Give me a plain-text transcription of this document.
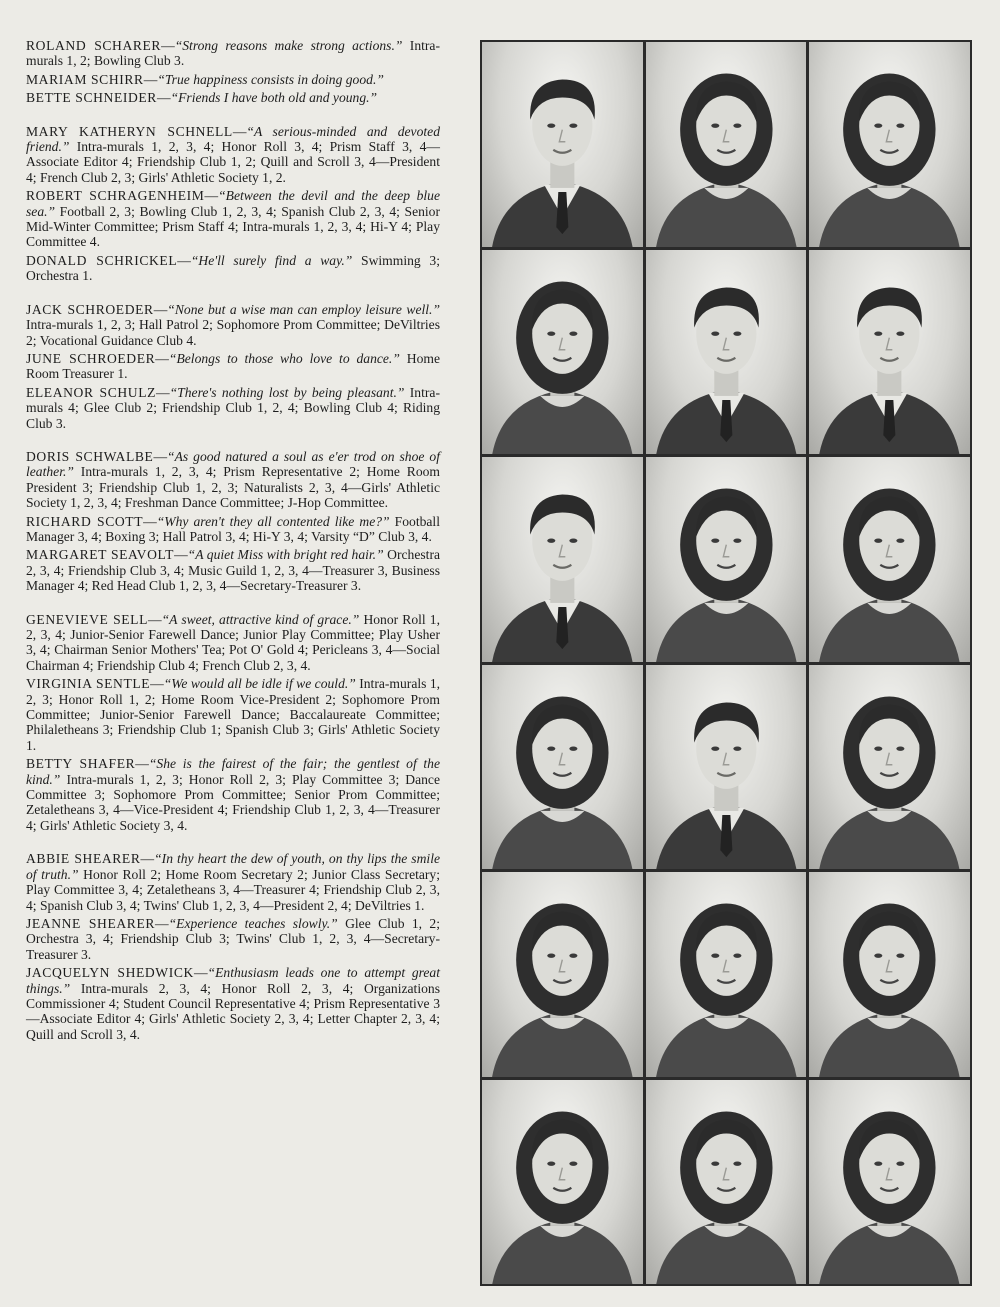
ROLAND SCHARER—“Strong reasons make strong actions.” Intra-murals 1, 2; Bowling Club 3.

MARIAM SCHIRR—“True happiness consists in doing good.”

BETTE SCHNEIDER—“Friends I have both old and young.”

MARY KATHERYN SCHNELL—“A serious-minded and devoted friend.” Intra-murals 1, 2, 3, 4; Honor Roll 3, 4; Prism Staff 3, 4—Associate Editor 4; Friendship Club 1, 2; Quill and Scroll 3, 4—President 4; French Club 2, 3; Girls' Athletic Society 1, 2.

ROBERT SCHRAGENHEIM—“Between the devil and the deep blue sea.” Football 2, 3; Bowling Club 1, 2, 3, 4; Spanish Club 2, 3, 4; Senior Mid-Winter Committee; Prism Staff 4; Intra-murals 1, 2, 3, 4; Hi-Y 4; Play Committee 4.

DONALD SCHRICKEL—“He'll surely find a way.” Swimming 3; Orchestra 1.

JACK SCHROEDER—“None but a wise man can employ leisure well.” Intra-murals 1, 2, 3; Hall Patrol 2; Sophomore Prom Committee; DeViltries 2; Vocational Guidance Club 4.

JUNE SCHROEDER—“Belongs to those who love to dance.” Home Room Treasurer 1.

ELEANOR SCHULZ—“There's nothing lost by being pleasant.” Intra-murals 4; Glee Club 2; Friendship Club 1, 2, 4; Bowling Club 4; Riding Club 3.

DORIS SCHWALBE—“As good natured a soul as e'er trod on shoe of leather.” Intra-murals 1, 2, 3, 4; Prism Representative 2; Home Room President 3; Friendship Club 1, 2, 3; Naturalists 2, 3, 4—Girls' Athletic Society 1, 2, 3, 4; Freshman Dance Committee; J-Hop Committee.

RICHARD SCOTT—“Why aren't they all contented like me?” Football Manager 3, 4; Boxing 3; Hall Patrol 3, 4; Hi-Y 3, 4; Varsity “D” Club 3, 4.

MARGARET SEAVOLT—“A quiet Miss with bright red hair.” Orchestra 2, 3, 4; Friendship Club 3, 4; Music Guild 1, 2, 3, 4—Treasurer 3, Business Manager 4; Red Head Club 1, 2, 3, 4—Secretary-Treasurer 3.

GENEVIEVE SELL—“A sweet, attractive kind of grace.” Honor Roll 1, 2, 3, 4; Junior-Senior Farewell Dance; Junior Play Committee; Play Usher 3, 4; Chairman Senior Mothers' Tea; Pot O' Gold 4; Pericleans 3, 4—Social Chairman 4; Friendship Club 4; French Club 2, 3, 4.

VIRGINIA SENTLE—“We would all be idle if we could.” Intra-murals 1, 2, 3; Honor Roll 1, 2; Home Room Vice-President 2; Sophomore Prom Committee; Junior-Senior Farewell Dance; Baccalaureate Committee; Philaletheans 3; Friendship Club 1; Spanish Club 3; Girls' Athletic Society 1.

BETTY SHAFER—“She is the fairest of the fair; the gentlest of the kind.” Intra-murals 1, 2, 3; Honor Roll 2, 3; Play Committee 3; Dance Committee 3; Sophomore Prom Committee; Senior Prom Committee; Zetaletheans 3, 4—Vice-President 4; Friendship Club 1, 2, 3, 4—Treasurer 4; Girls' Athletic Society 3, 4.

ABBIE SHEARER—“In thy heart the dew of youth, on thy lips the smile of truth.” Honor Roll 2; Home Room Secretary 2; Junior Class Secretary; Play Committee 3, 4; Zetaletheans 3, 4—Treasurer 4; Friendship Club 2, 3, 4; Spanish Club 3, 4; Twins' Club 1, 2, 3, 4—President 2, 4; DeViltries 1.

JEANNE SHEARER—“Experience teaches slowly.” Glee Club 1, 2; Orchestra 3, 4; Friendship Club 3; Twins' Club 1, 2, 3, 4—Secretary-Treasurer 3.

JACQUELYN SHEDWICK—“Enthusiasm leads one to attempt great things.” Intra-murals 2, 3, 4; Honor Roll 2, 3, 4; Organizations Commissioner 4; Student Council Representative 4; Prism Representative 3—Associate Editor 4; Girls' Athletic Society 2, 3, 4; Letter Chapter 2, 3, 4; Quill and Scroll 3, 4.
